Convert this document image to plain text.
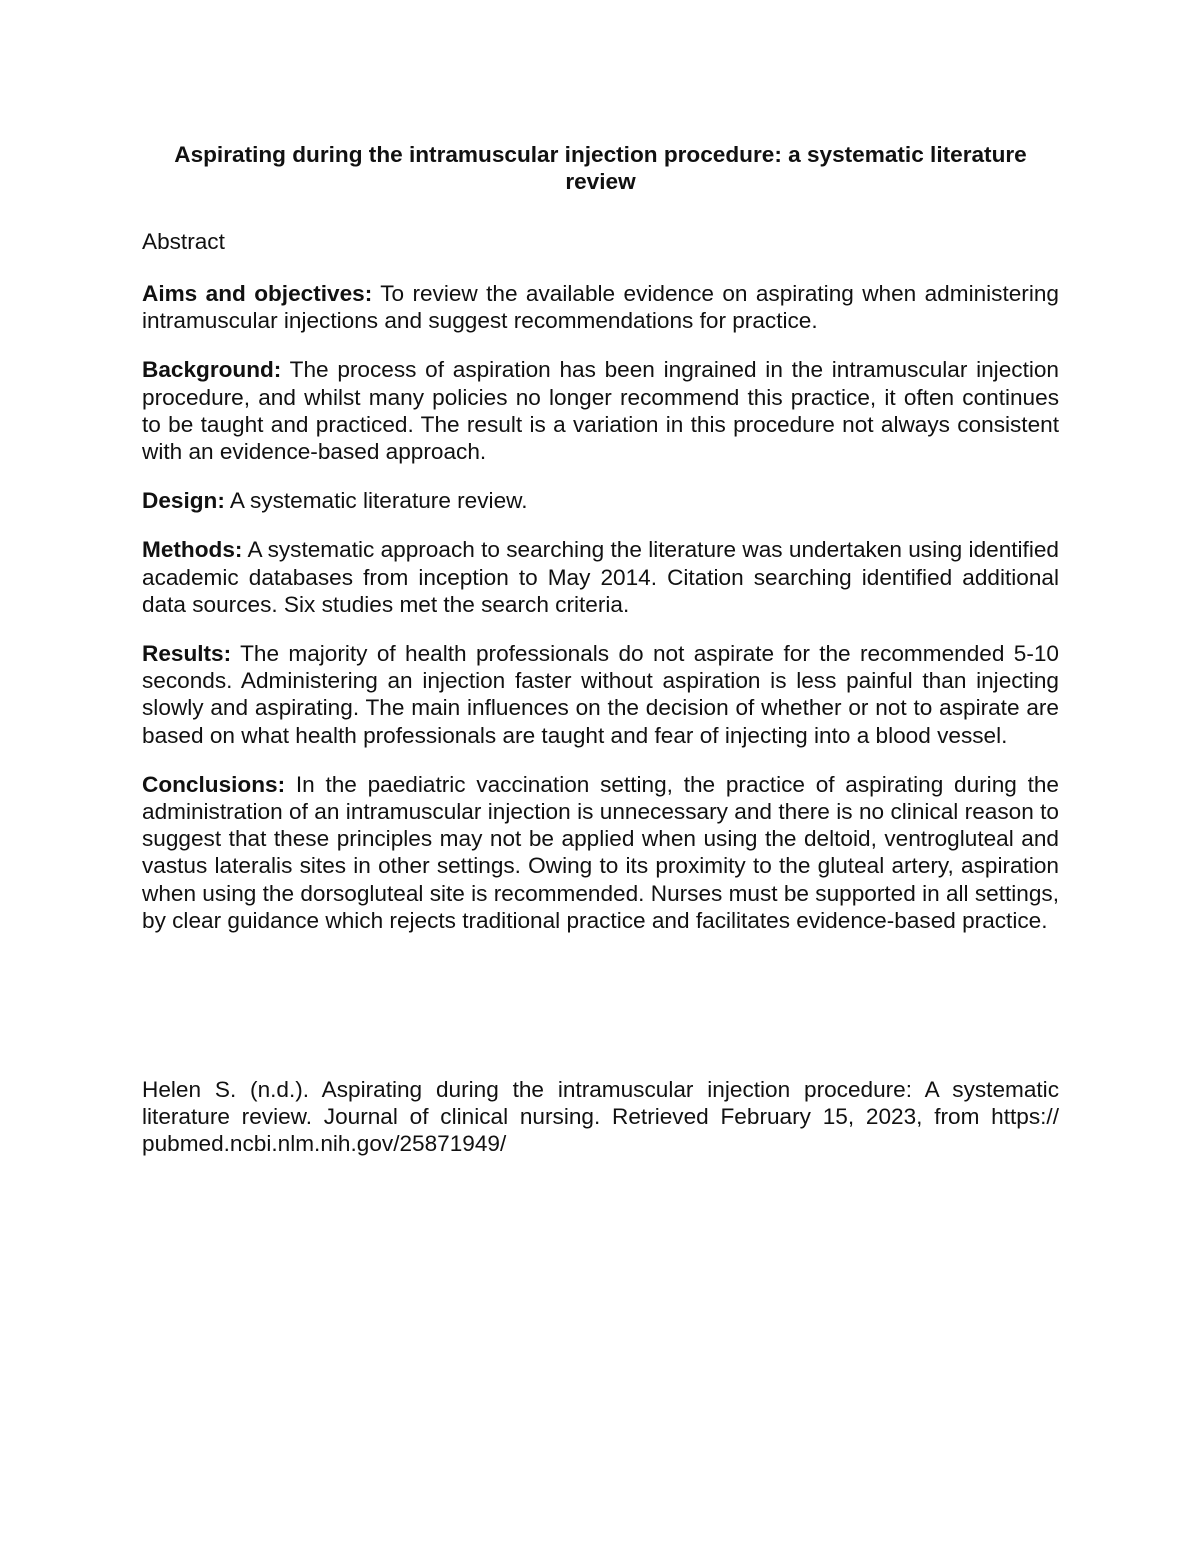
Aspirating during the intramuscular injection procedure: a systematic literature review

Abstract

Aims and objectives: To review the available evidence on aspirating when administering intramuscular injections and suggest recommendations for practice.

Background: The process of aspiration has been ingrained in the intramuscular injection procedure, and whilst many policies no longer recommend this practice, it often continues to be taught and practiced. The result is a variation in this procedure not always consistent with an evidence-based approach.

Design: A systematic literature review.

Methods: A systematic approach to searching the literature was undertaken using identified academic databases from inception to May 2014. Citation searching identified additional data sources. Six studies met the search criteria.

Results: The majority of health professionals do not aspirate for the recommended 5-10 seconds. Administering an injection faster without aspiration is less painful than injecting slowly and aspirating. The main influences on the decision of whether or not to aspirate are based on what health professionals are taught and fear of injecting into a blood vessel.

Conclusions: In the paediatric vaccination setting, the practice of aspirating during the administration of an intramuscular injection is unnecessary and there is no clinical reason to suggest that these principles may not be applied when using the deltoid, ventrogluteal and vastus lateralis sites in other settings. Owing to its proximity to the gluteal artery, aspiration when using the dorsogluteal site is recommended. Nurses must be supported in all settings, by clear guidance which rejects traditional practice and facilitates evidence-based practice.

Helen S. (n.d.). Aspirating during the intramuscular injection procedure: A systematic literature review. Journal of clinical nursing. Retrieved February 15, 2023, from https:// pubmed.ncbi.nlm.nih.gov/25871949/
